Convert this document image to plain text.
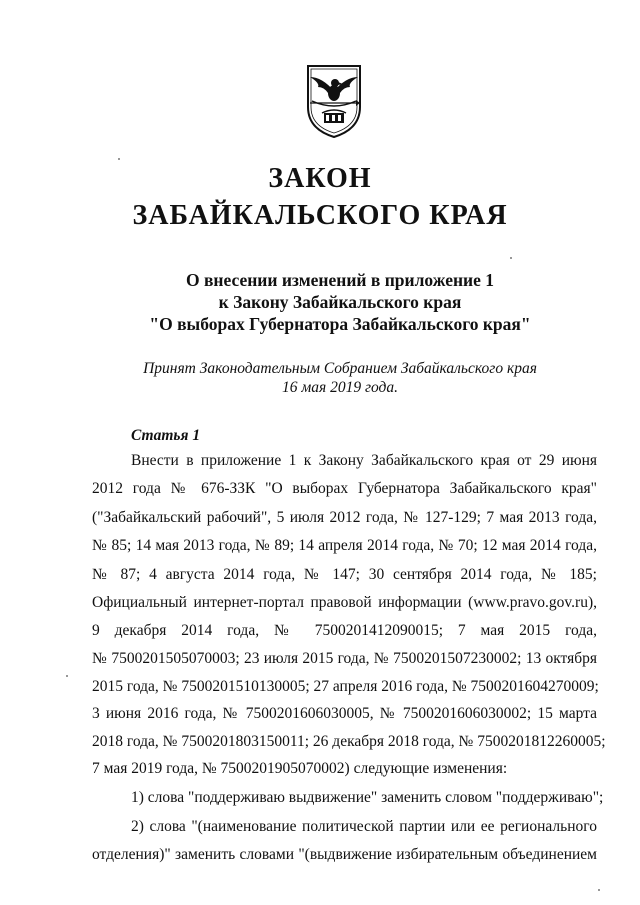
ЗАКОН
ЗАБАЙКАЛЬСКОГО КРАЯ
О внесении изменений в приложение 1
к Закону Забайкальского края
"О выборах Губернатора Забайкальского края"
Принят Законодательным Собранием Забайкальского края
16 мая 2019 года.
Статья 1
Внести в приложение 1 к Закону Забайкальского края от 29 июня
2012 года № 676-ЗЗК "О выборах Губернатора Забайкальского края"
("Забайкальский рабочий", 5 июля 2012 года, № 127-129; 7 мая 2013 года,
№ 85; 14 мая 2013 года, № 89; 14 апреля 2014 года, № 70; 12 мая 2014 года,
№ 87; 4 августа 2014 года, № 147; 30 сентября 2014 года, № 185;
Официальный интернет-портал правовой информации (www.pravo.gov.ru),
9 декабря 2014 года, № 7500201412090015; 7 мая 2015 года,
№ 7500201505070003; 23 июля 2015 года, № 7500201507230002; 13 октября
2015 года, № 7500201510130005; 27 апреля 2016 года, № 7500201604270009;
3 июня 2016 года, № 7500201606030005, № 7500201606030002; 15 марта
2018 года, № 7500201803150011; 26 декабря 2018 года, № 7500201812260005;
7 мая 2019 года, № 7500201905070002) следующие изменения:
1) слова "поддерживаю выдвижение" заменить словом "поддерживаю";
2) слова "(наименование политической партии или ее регионального
отделения)" заменить словами "(выдвижение избирательным объединением
